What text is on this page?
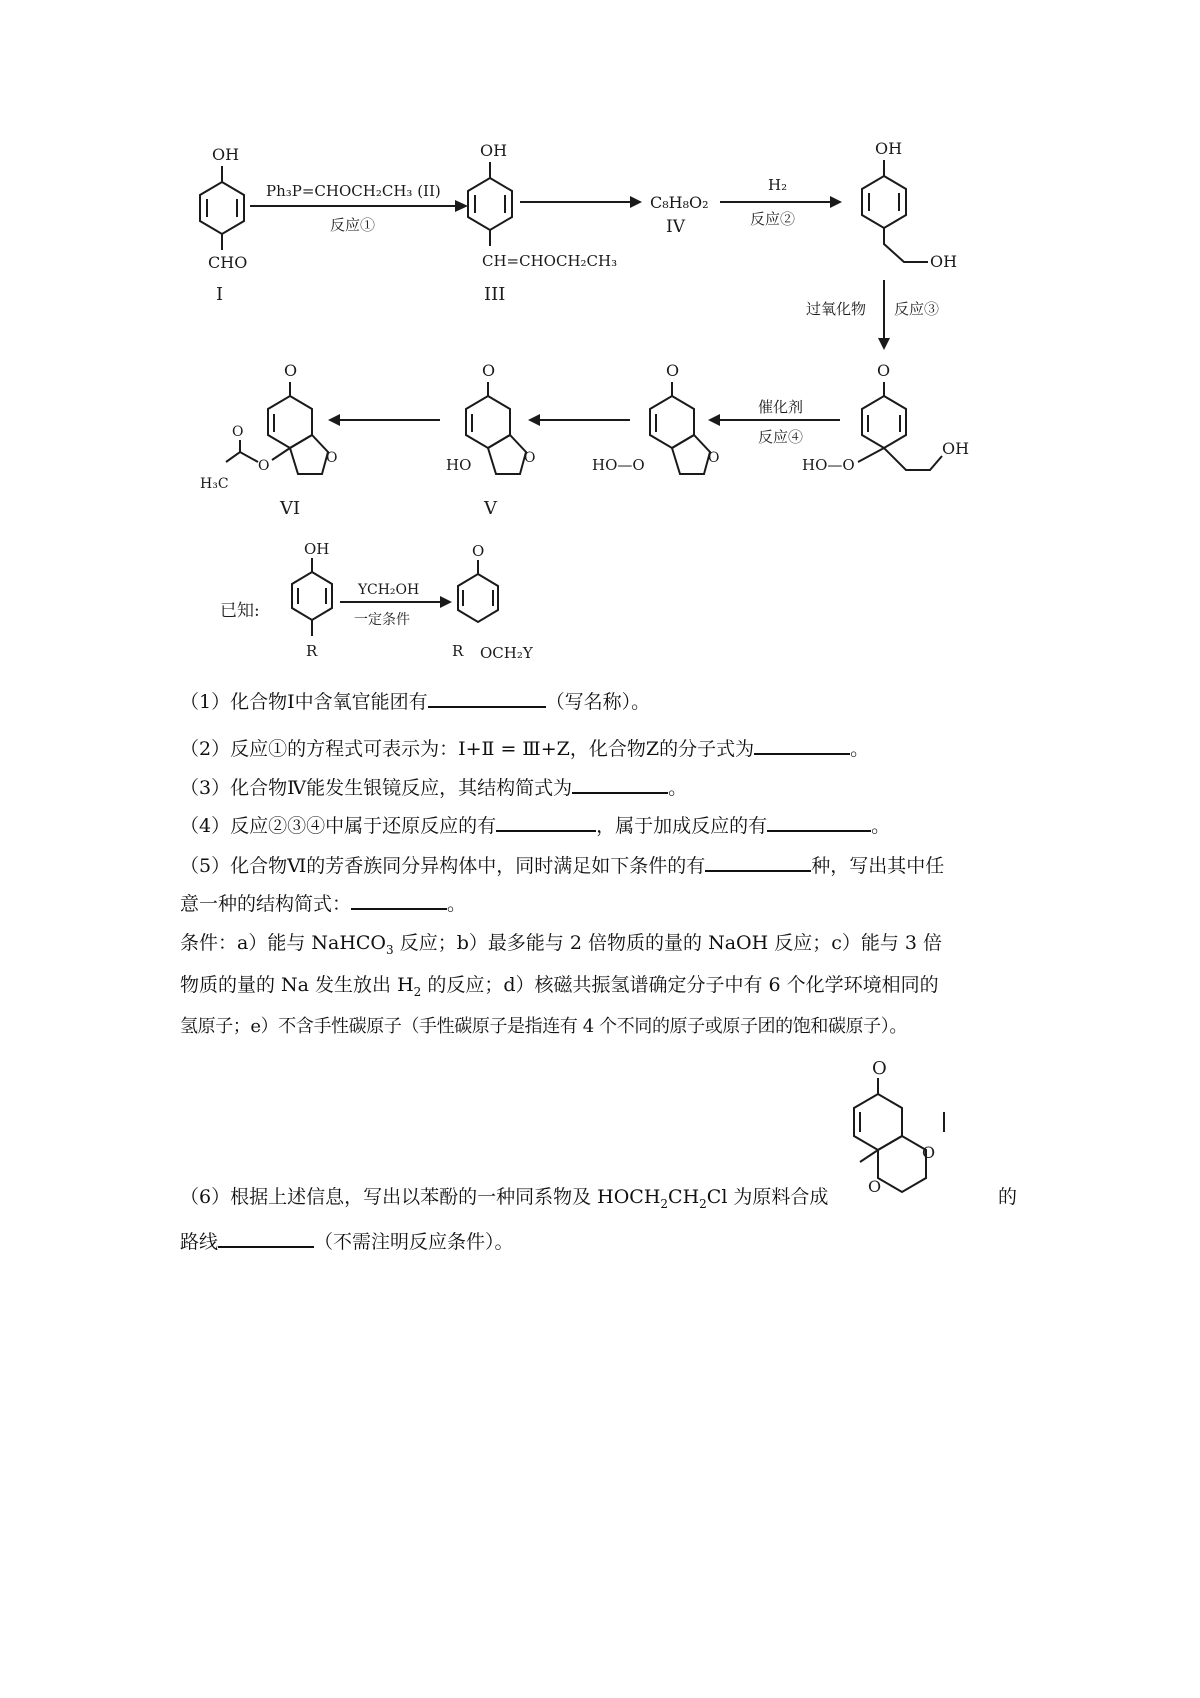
OH
CHO
I
Ph₃P=CHOCH₂CH₃ (II)
反应①
OH
CH=CHOCH₂CH₃
III
C₈H₈O₂
IV
H₂
反应②
OH
OH
过氧化物 反应③
O
HO—O
OH
催化剂
反应④
O
O
HO—O
O
O
HO
V
O
O
O
O
H₃C
VI
已知:
OH
R
YCH₂OH
一定条件
O
R OCH₂Y
（1）化合物Ⅰ中含氧官能团有	（写名称）。
（2）反应①的方程式可表示为：Ⅰ+Ⅱ = Ⅲ+Z，化合物Z的分子式为	。
（3）化合物Ⅳ能发生银镜反应，其结构简式为	。
（4）反应②③④中属于还原反应的有	，属于加成反应的有	。
（5）化合物Ⅵ的芳香族同分异构体中，同时满足如下条件的有	种，写出其中任
意一种的结构简式：	。
条件：a）能与 NaHCO$_3$ 反应；b）最多能与 2 倍物质的量的 NaOH 反应；c）能与 3 倍
物质的量的 Na 发生放出 $H_2$ 的反应；d）核磁共振氢谱确定分子中有 6 个化学环境相同的
氢原子；e）不含手性碳原子（手性碳原子是指连有 4 个不同的原子或原子团的饱和碳原子）。
O
O
O
（6）根据上述信息，写出以苯酚的一种同系物及 $HOCH_2CH_2Cl$ 为原料合成	的
路线	（不需注明反应条件）。
